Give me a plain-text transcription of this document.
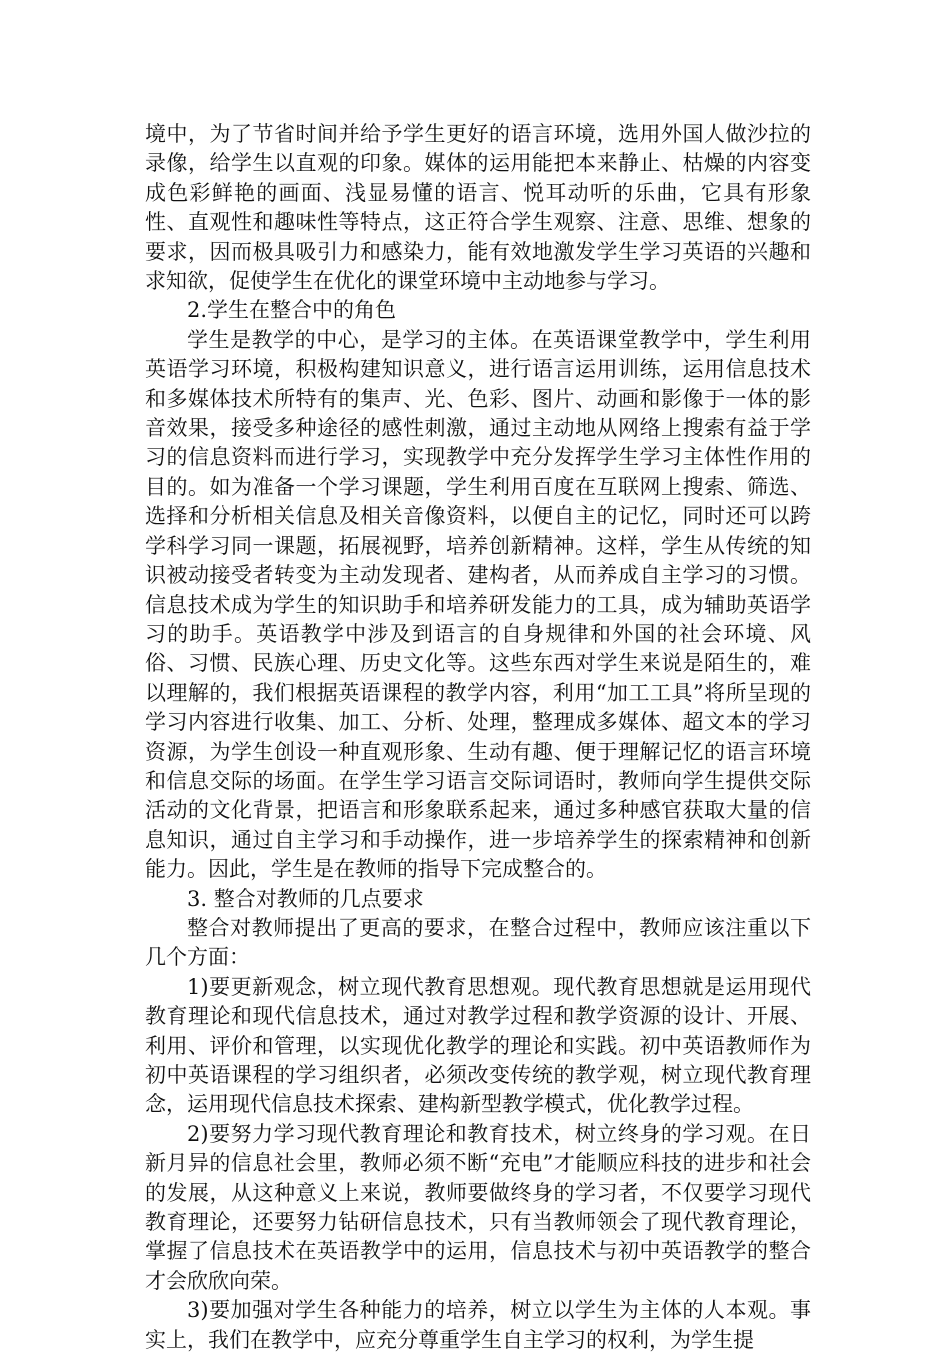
境中，为了节省时间并给予学生更好的语言环境，选用外国人做沙拉的录像，给学生以直观的印象。媒体的运用能把本来静止、枯燥的内容变成色彩鲜艳的画面、浅显易懂的语言、悦耳动听的乐曲，它具有形象性、直观性和趣味性等特点，这正符合学生观察、注意、思维、想象的要求，因而极具吸引力和感染力，能有效地激发学生学习英语的兴趣和求知欲，促使学生在优化的课堂环境中主动地参与学习。

2.学生在整合中的角色

学生是教学的中心，是学习的主体。在英语课堂教学中，学生利用英语学习环境，积极构建知识意义，进行语言运用训练，运用信息技术和多媒体技术所特有的集声、光、色彩、图片、动画和影像于一体的影音效果，接受多种途径的感性刺激，通过主动地从网络上搜索有益于学习的信息资料而进行学习，实现教学中充分发挥学生学习主体性作用的目的。如为准备一个学习课题，学生利用百度在互联网上搜索、筛选、选择和分析相关信息及相关音像资料，以便自主的记忆，同时还可以跨学科学习同一课题，拓展视野，培养创新精神。这样，学生从传统的知识被动接受者转变为主动发现者、建构者，从而养成自主学习的习惯。信息技术成为学生的知识助手和培养研发能力的工具，成为辅助英语学习的助手。英语教学中涉及到语言的自身规律和外国的社会环境、风俗、习惯、民族心理、历史文化等。这些东西对学生来说是陌生的，难以理解的，我们根据英语课程的教学内容，利用“加工工具”将所呈现的学习内容进行收集、加工、分析、处理，整理成多媒体、超文本的学习资源，为学生创设一种直观形象、生动有趣、便于理解记忆的语言环境和信息交际的场面。在学生学习语言交际词语时，教师向学生提供交际活动的文化背景，把语言和形象联系起来，通过多种感官获取大量的信息知识，通过自主学习和手动操作，进一步培养学生的探索精神和创新能力。因此，学生是在教师的指导下完成整合的。

3. 整合对教师的几点要求

整合对教师提出了更高的要求，在整合过程中，教师应该注重以下几个方面：

1)要更新观念，树立现代教育思想观。现代教育思想就是运用现代教育理论和现代信息技术，通过对教学过程和教学资源的设计、开展、利用、评价和管理，以实现优化教学的理论和实践。初中英语教师作为初中英语课程的学习组织者，必须改变传统的教学观，树立现代教育理念，运用现代信息技术探索、建构新型教学模式，优化教学过程。

2)要努力学习现代教育理论和教育技术，树立终身的学习观。在日新月异的信息社会里，教师必须不断“充电”才能顺应科技的进步和社会的发展，从这种意义上来说，教师要做终身的学习者，不仅要学习现代教育理论，还要努力钻研信息技术，只有当教师领会了现代教育理论，掌握了信息技术在英语教学中的运用，信息技术与初中英语教学的整合才会欣欣向荣。

3)要加强对学生各种能力的培养，树立以学生为主体的人本观。事实上，我们在教学中，应充分尊重学生自主学习的权利，为学生提
